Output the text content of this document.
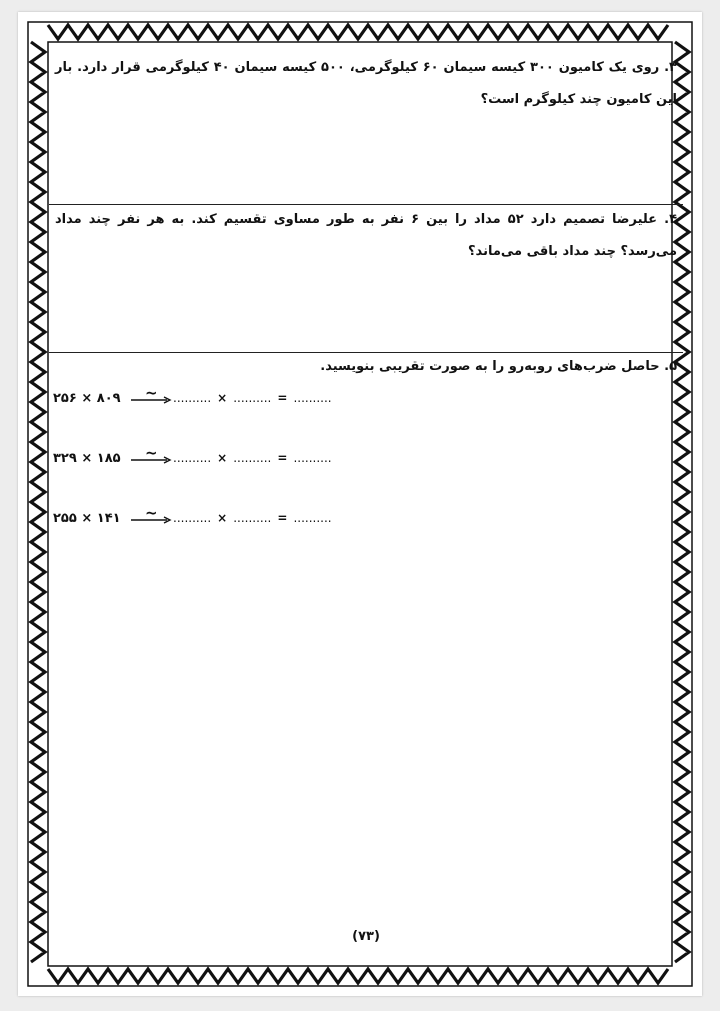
۳. روی یک کامیون ۳۰۰ کیسه سیمان ۶۰ کیلوگرمی، ۵۰۰ کیسه سیمان ۴۰ کیلوگرمی قرار دارد. بار این کامیون چند کیلوگرم است؟

۴. علیرضا تصمیم دارد ۵۲ مداد را بین ۶ نفر به طور مساوی تقسیم کند. به هر نفر چند مداد می‌رسد؟ چند مداد باقی می‌ماند؟

۵. حاصل ضرب‌های روبه‌رو را به صورت تقریبی بنویسید.

۸۰۹ × ۲۵۶ ~ .......... × .......... = ..........
۱۸۵ × ۳۲۹ ~ .......... × .......... = ..........
۱۴۱ × ۲۵۵ ~ .......... × .......... = ..........
(۷۳)
